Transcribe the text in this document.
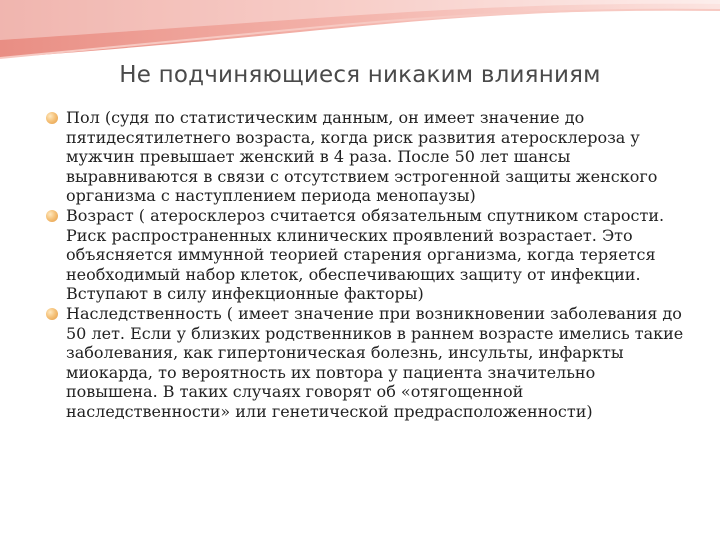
Не подчиняющиеся никаким влияниям
Пол (судя по статистическим данным, он имеет значение до пятидесятилетнего возраста, когда риск развития атеросклероза у мужчин превышает женский в 4 раза. После 50 лет шансы выравниваются в связи с отсутствием эстрогенной защиты женского организма с наступлением периода менопаузы)
Возраст ( атеросклероз считается обязательным спутником старости. Риск распространенных клинических проявлений возрастает. Это объясняется иммунной теорией старения организма, когда теряется необходимый набор клеток, обеспечивающих защиту от инфекции. Вступают в силу инфекционные факторы)
Наследственность ( имеет значение при возникновении заболевания до 50 лет. Если у близких родственников в раннем возрасте имелись такие заболевания, как гипертоническая болезнь, инсульты, инфаркты миокарда, то вероятность их повтора у пациента значительно повышена. В таких случаях говорят об «отягощенной наследственности» или генетической предрасположенности)
